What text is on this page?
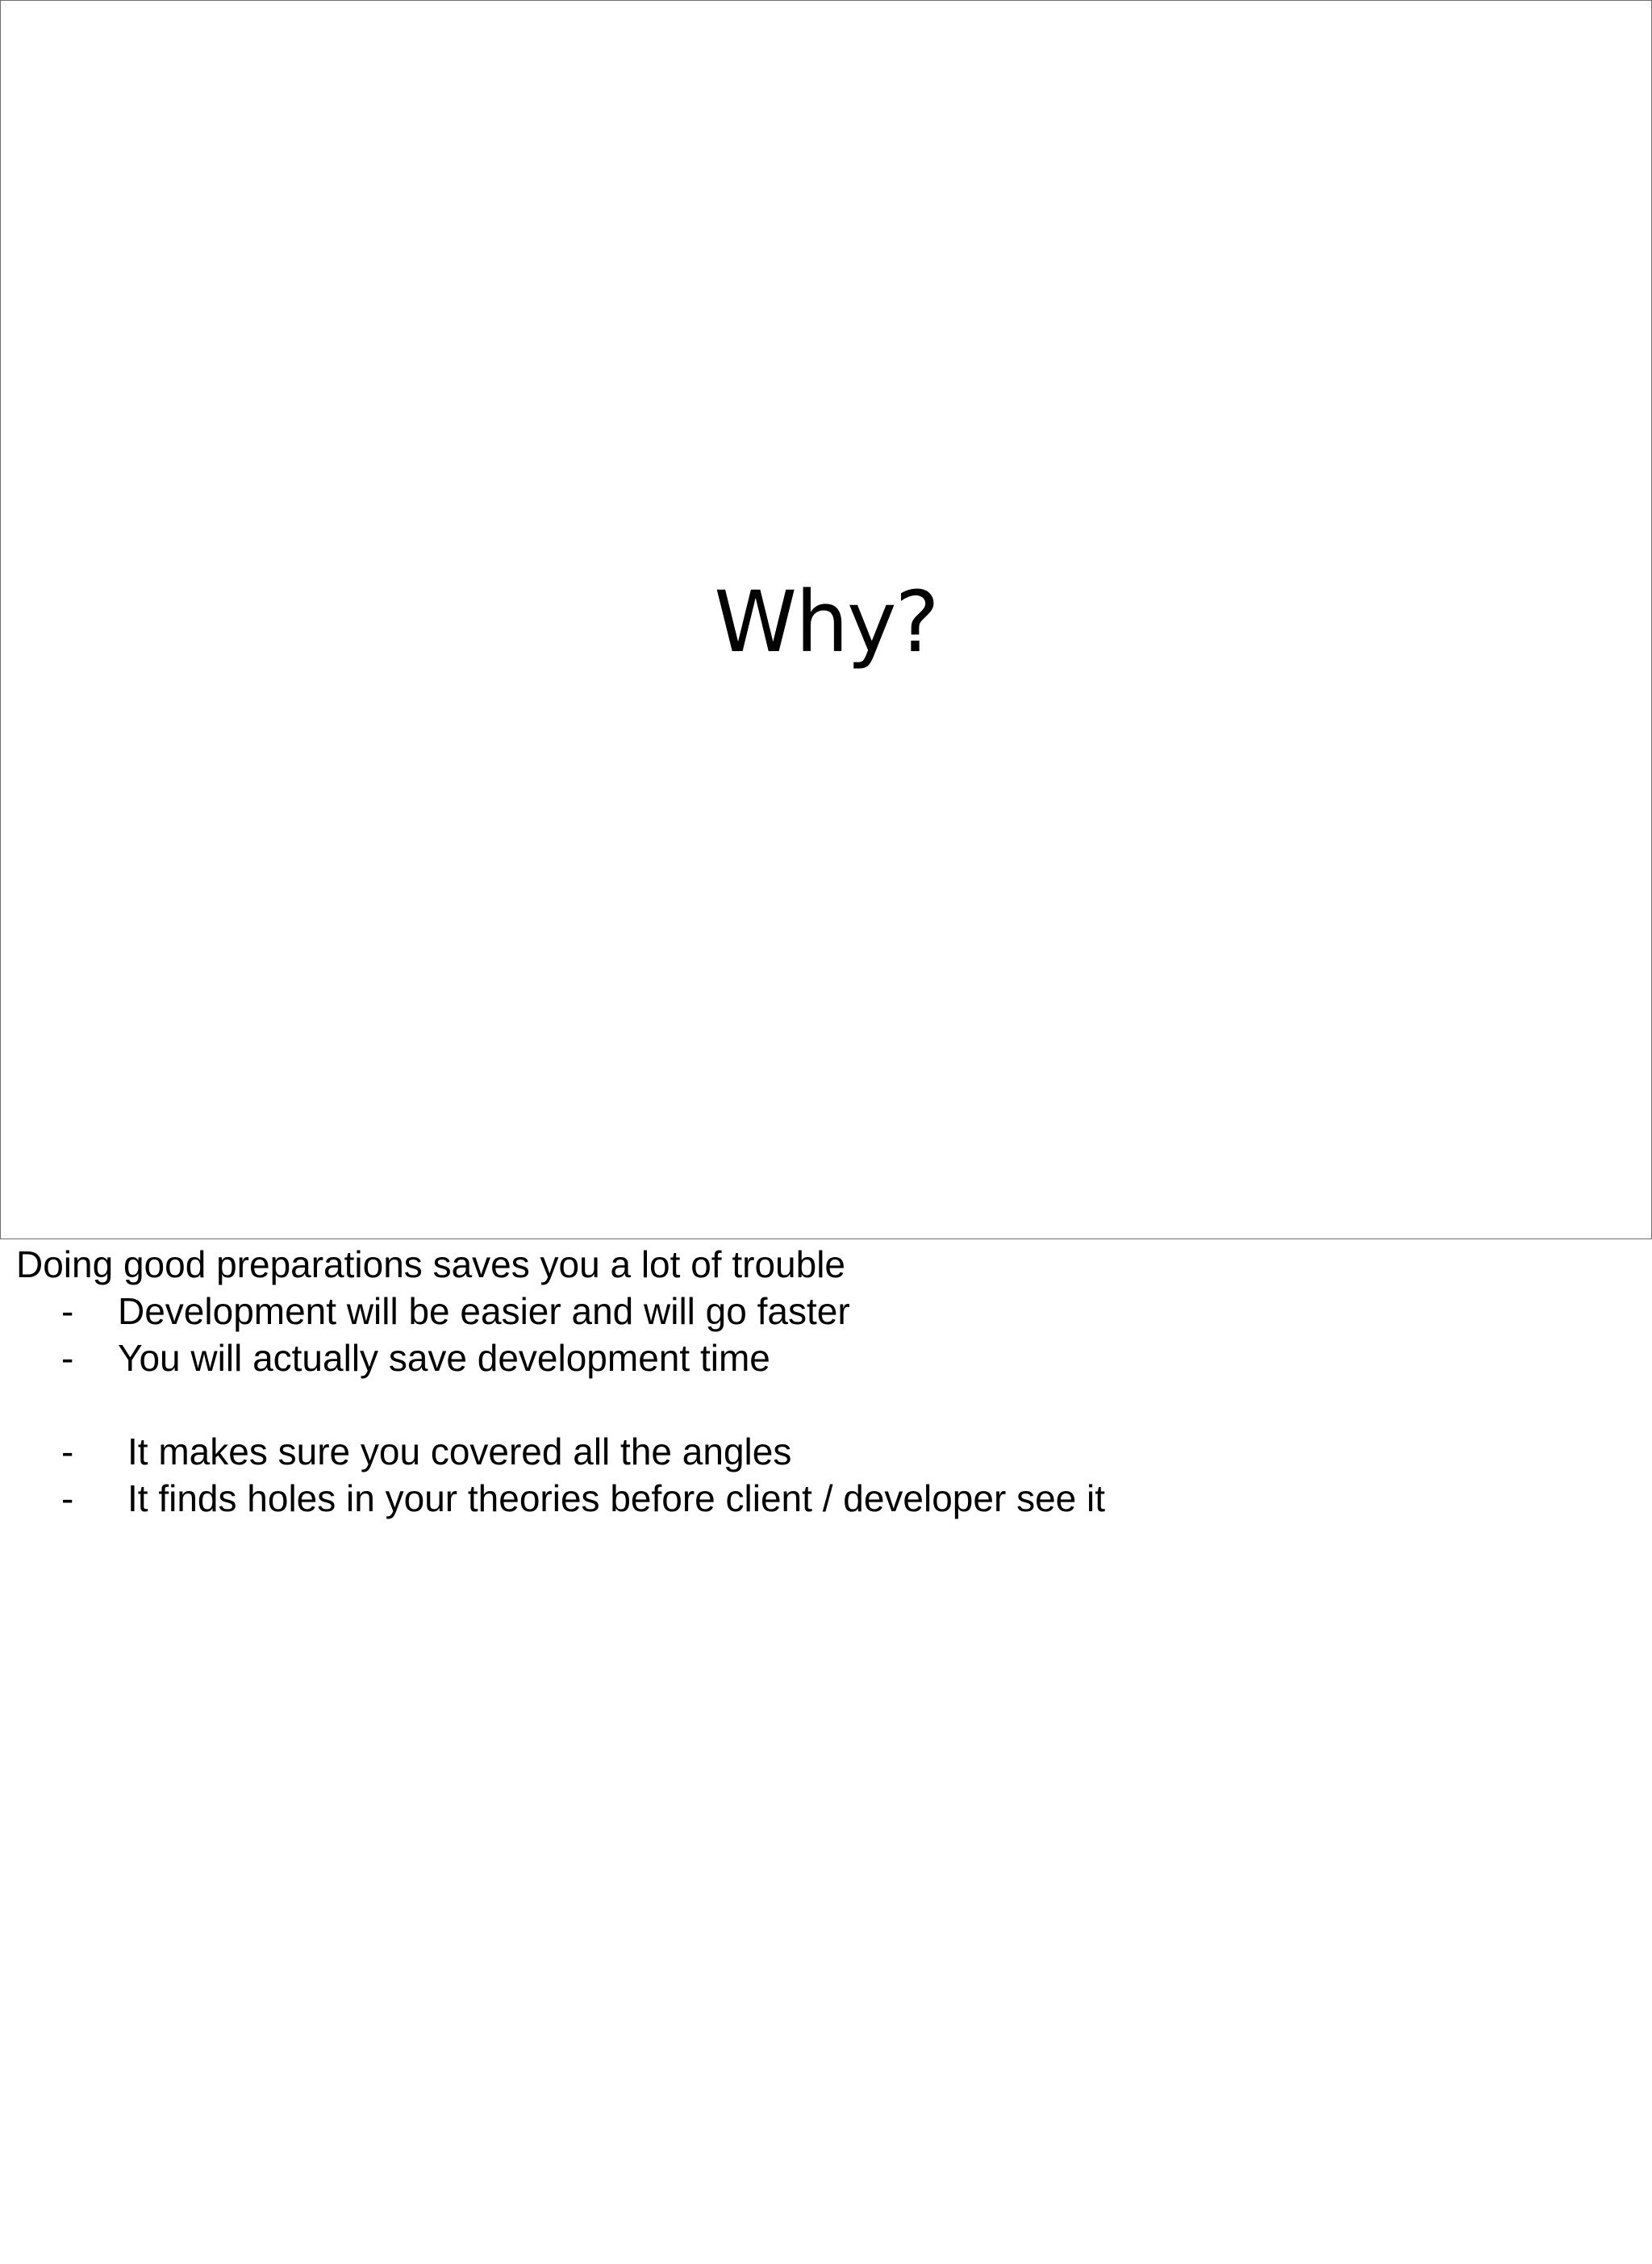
Why?

Doing good preparations saves you a lot of trouble

- Development will be easier and will go faster
- You will actually save development time
- It makes sure you covered all the angles
- It finds holes in your theories before client / developer see it
